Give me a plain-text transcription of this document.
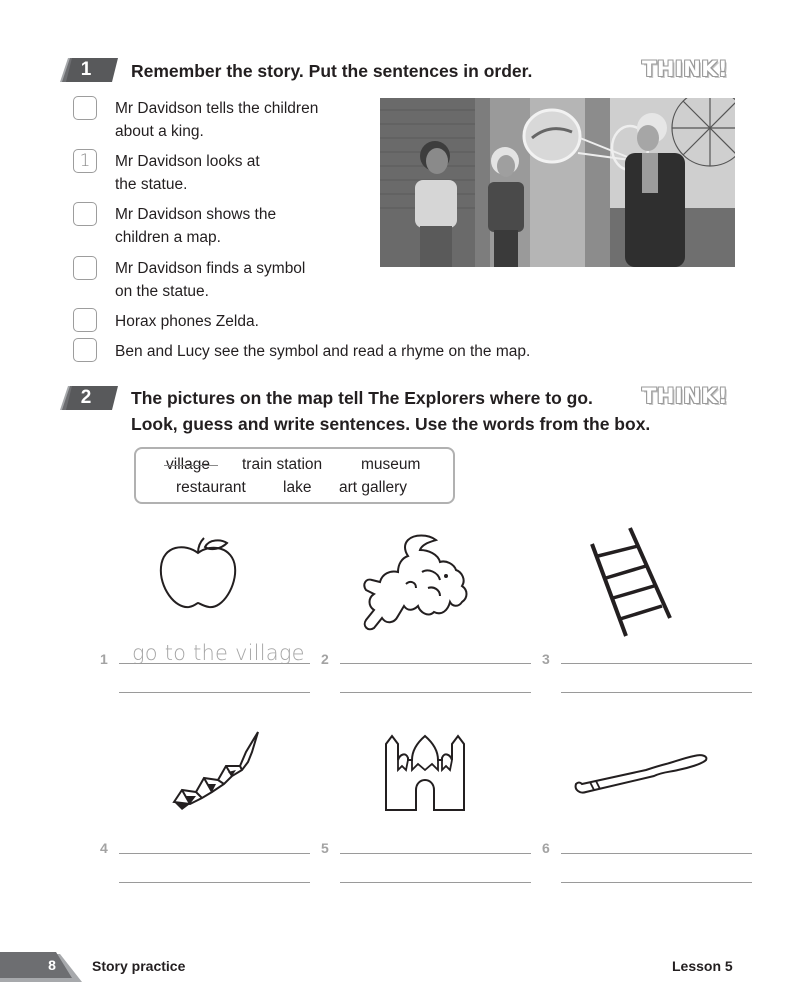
1	Remember the story. Put the sentences in order.	THINK!
Mr Davidson tells the children
about a king.
1	Mr Davidson looks at
the statue.
Mr Davidson shows the
children a map.
Mr Davidson finds a symbol
on the statue.
Horax phones Zelda.
Ben and Lucy see the symbol and read a rhyme on the map.
2	The pictures on the map tell The Explorers where to go.
Look, guess and write sentences. Use the words from the box.
THINK!
village train station	museum
restaurant lake art gallery
1 go to the village 2	3
4	5	6
8	Story practice	Lesson 5
